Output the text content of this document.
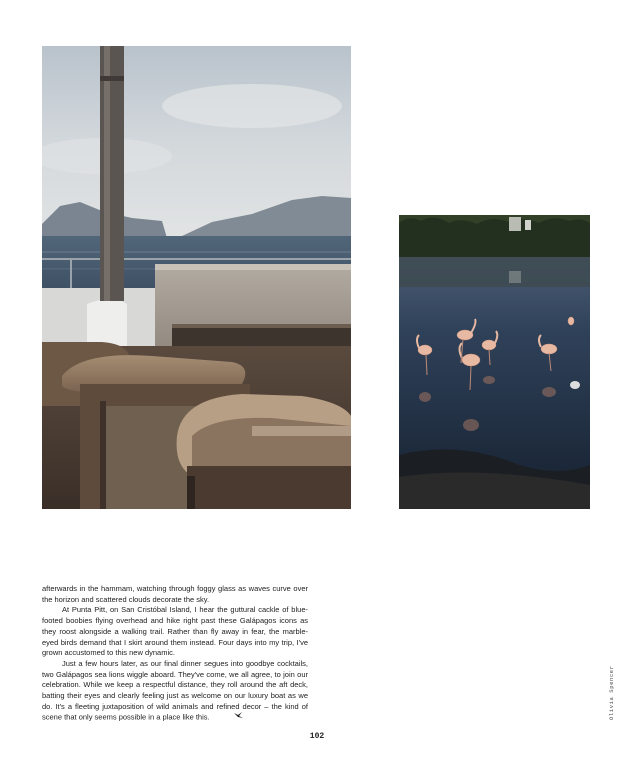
afterwards in the hammam, watching through foggy glass as waves curve over the horizon and scattered clouds decorate the sky.

At Punta Pitt, on San Cristóbal Island, I hear the guttural cackle of blue-footed boobies flying overhead and hike right past these Galápagos icons as they roost alongside a walking trail. Rather than fly away in fear, the marble-eyed birds demand that I skirt around them instead. Four days into my trip, I've grown accustomed to this new dynamic.

Just a few hours later, as our final dinner segues into goodbye cocktails, two Galápagos sea lions wiggle aboard. They've come, we all agree, to join our celebration. While we keep a respectful distance, they roll around the aft deck, batting their eyes and clearly feeling just as welcome on our luxury boat as we do. It's a fleeting juxtaposition of wild animals and refined decor – the kind of scene that only seems possible in a place like this.	Olivia Spencer
102
